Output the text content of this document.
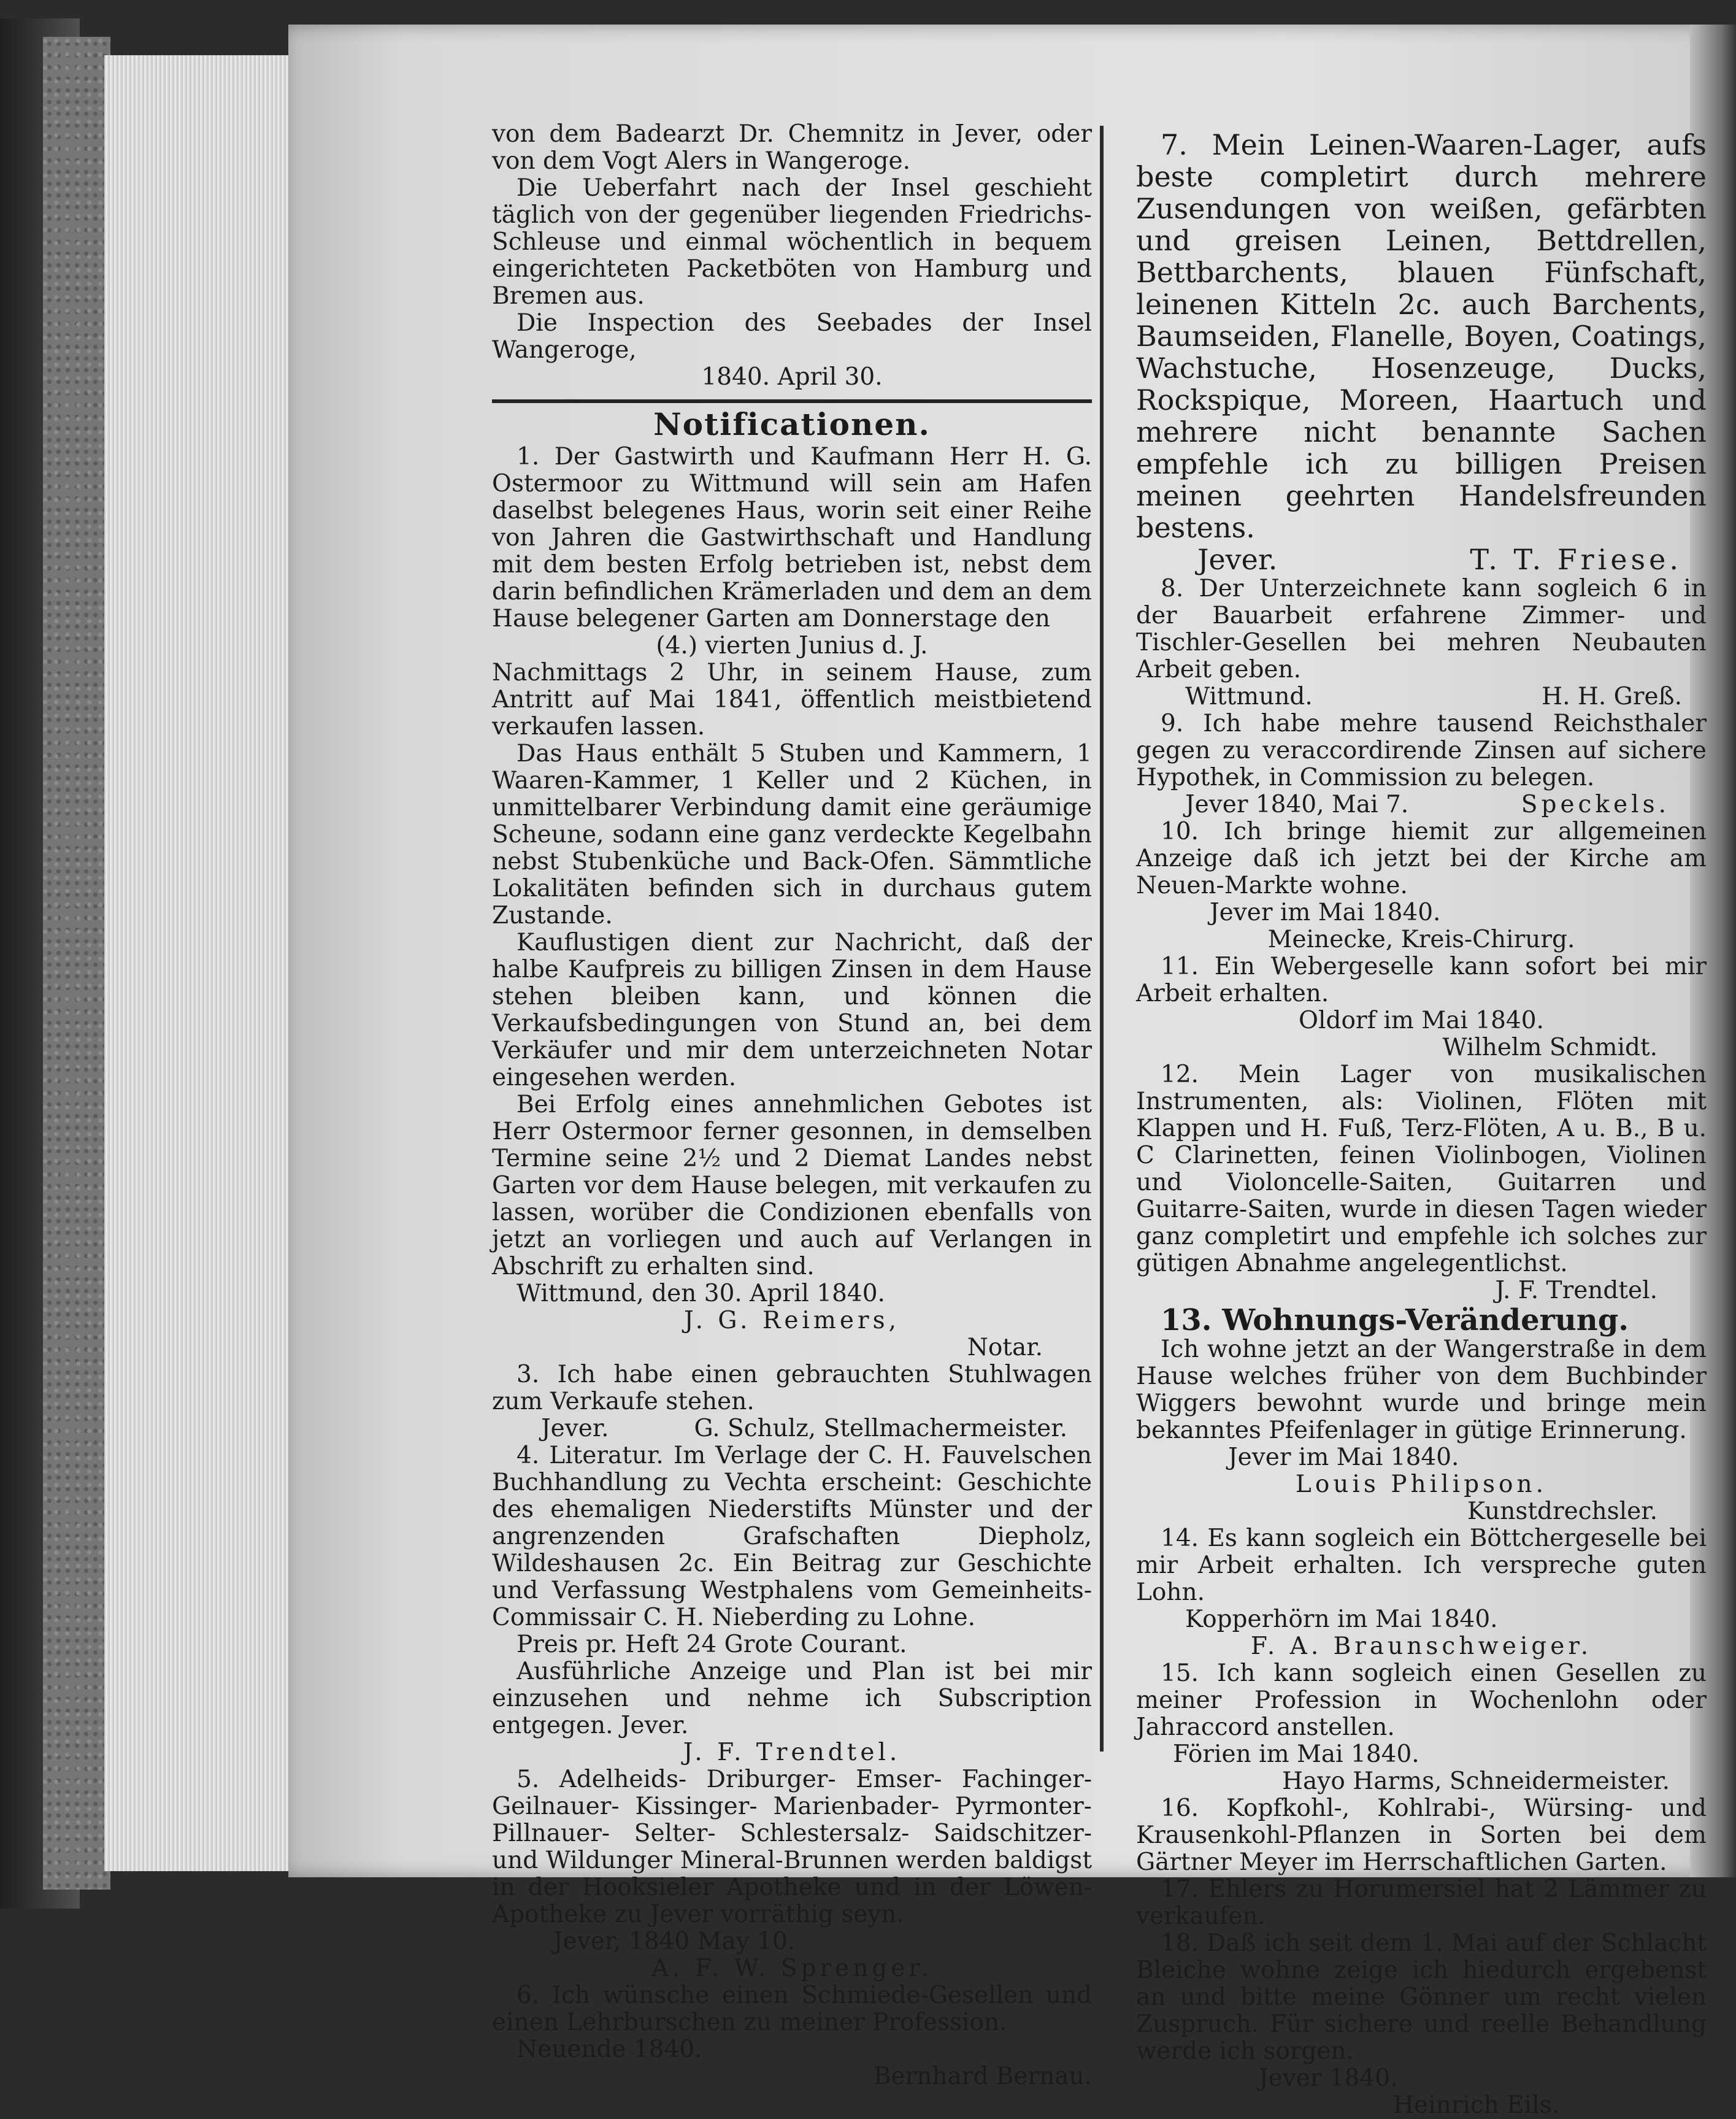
von dem Badearzt Dr. Chemnitz in Jever, oder von dem Vogt Alers in Wangeroge.

Die Ueberfahrt nach der Insel geschieht täglich von der gegenüber liegenden Friedrichs-Schleuse und einmal wöchentlich in bequem eingerichteten Packetböten von Hamburg und Bremen aus.

Die Inspection des Seebades der Insel Wangeroge,

1840. April 30.

Notificationen.

1. Der Gastwirth und Kaufmann Herr H. G. Ostermoor zu Wittmund will sein am Hafen daselbst belegenes Haus, worin seit einer Reihe von Jahren die Gastwirthschaft und Handlung mit dem besten Erfolg betrieben ist, nebst dem darin befindlichen Krämerladen und dem an dem Hause belegener Garten am Donnerstage den

(4.) vierten Junius d. J.

Nachmittags 2 Uhr, in seinem Hause, zum Antritt auf Mai 1841, öffentlich meistbietend verkaufen lassen.

Das Haus enthält 5 Stuben und Kammern, 1 Waaren-Kammer, 1 Keller und 2 Küchen, in unmittelbarer Verbindung damit eine geräumige Scheune, sodann eine ganz verdeckte Kegelbahn nebst Stubenküche und Back-Ofen. Sämmtliche Lokalitäten befinden sich in durchaus gutem Zustande.

Kauflustigen dient zur Nachricht, daß der halbe Kaufpreis zu billigen Zinsen in dem Hause stehen bleiben kann, und können die Verkaufsbedingungen von Stund an, bei dem Verkäufer und mir dem unterzeichneten Notar eingesehen werden.

Bei Erfolg eines annehmlichen Gebotes ist Herr Ostermoor ferner gesonnen, in demselben Termine seine 2½ und 2 Diemat Landes nebst Garten vor dem Hause belegen, mit verkaufen zu lassen, worüber die Condizionen ebenfalls von jetzt an vorliegen und auch auf Verlangen in Abschrift zu erhalten sind.

Wittmund, den 30. April 1840.

J. G. Reimers,

Notar.

3. Ich habe einen gebrauchten Stuhlwagen zum Verkaufe stehen.

Jever.	G. Schulz, Stellmachermeister.

4. Literatur. Im Verlage der C. H. Fauvelschen Buchhandlung zu Vechta erscheint: Geschichte des ehemaligen Niederstifts Münster und der angrenzenden Grafschaften Diepholz, Wildeshausen 2c. Ein Beitrag zur Geschichte und Verfassung Westphalens vom Gemeinheits-Commissair C. H. Nieberding zu Lohne.

Preis pr. Heft 24 Grote Courant.

Ausführliche Anzeige und Plan ist bei mir einzusehen und nehme ich Subscription entgegen. Jever.

J. F. Trendtel.

5. Adelheids- Driburger- Emser- Fachinger- Geilnauer- Kissinger- Marienbader- Pyrmonter- Pillnauer- Selter- Schlestersalz- Saidschitzer- und Wildunger Mineral-Brunnen werden baldigst in der Hooksieler Apotheke und in der Löwen-Apotheke zu Jever vorräthig seyn.

Jever, 1840 May 10.

A. F. W. Sprenger.

6. Ich wünsche einen Schmiede-Gesellen und einen Lehrburschen zu meiner Profession.

Neuende 1840.

Bernhard Bernau.

7. Mein Leinen-Waaren-Lager, aufs beste completirt durch mehrere Zusendungen von weißen, gefärbten und greisen Leinen, Bettdrellen, Bettbarchents, blauen Fünfschaft, leinenen Kitteln 2c. auch Barchents, Baumseiden, Flanelle, Boyen, Coatings, Wachstuche, Hosenzeuge, Ducks, Rockspique, Moreen, Haartuch und mehrere nicht benannte Sachen empfehle ich zu billigen Preisen meinen geehrten Handelsfreunden bestens.

Jever.	T. T. Friese.

8. Der Unterzeichnete kann sogleich 6 in der Bauarbeit erfahrene Zimmer- und Tischler-Gesellen bei mehren Neubauten Arbeit geben.

Wittmund.	H. H. Greß.

9. Ich habe mehre tausend Reichsthaler gegen zu veraccordirende Zinsen auf sichere Hypothek, in Commission zu belegen.

Jever 1840, Mai 7.	Speckels.

10. Ich bringe hiemit zur allgemeinen Anzeige daß ich jetzt bei der Kirche am Neuen-Markte wohne.

Jever im Mai 1840.

Meinecke, Kreis-Chirurg.

11. Ein Webergeselle kann sofort bei mir Arbeit erhalten.

Oldorf im Mai 1840.

Wilhelm Schmidt.

12. Mein Lager von musikalischen Instrumenten, als: Violinen, Flöten mit Klappen und H. Fuß, Terz-Flöten, A u. B., B u. C Clarinetten, feinen Violinbogen, Violinen und Violoncelle-Saiten, Guitarren und Guitarre-Saiten, wurde in diesen Tagen wieder ganz completirt und empfehle ich solches zur gütigen Abnahme angelegentlichst.

J. F. Trendtel.

13. Wohnungs-Veränderung.

Ich wohne jetzt an der Wangerstraße in dem Hause welches früher von dem Buchbinder Wiggers bewohnt wurde und bringe mein bekanntes Pfeifenlager in gütige Erinnerung.

Jever im Mai 1840.

Louis Philipson.

Kunstdrechsler.

14. Es kann sogleich ein Böttchergeselle bei mir Arbeit erhalten. Ich verspreche guten Lohn.

Kopperhörn im Mai 1840.

F. A. Braunschweiger.

15. Ich kann sogleich einen Gesellen zu meiner Profession in Wochenlohn oder Jahraccord anstellen.

Förien im Mai 1840.

Hayo Harms, Schneidermeister.

16. Kopfkohl-, Kohlrabi-, Würsing- und Krausenkohl-Pflanzen in Sorten bei dem Gärtner Meyer im Herrschaftlichen Garten.

17. Ehlers zu Horumersiel hat 2 Lämmer zu verkaufen.

18. Daß ich seit dem 1. Mai auf der Schlacht Bleiche wohne zeige ich hiedurch ergebenst an und bitte meine Gönner um recht vielen Zuspruch. Für sichere und reelle Behandlung werde ich sorgen.

Jever 1840.

Heinrich Eils.
